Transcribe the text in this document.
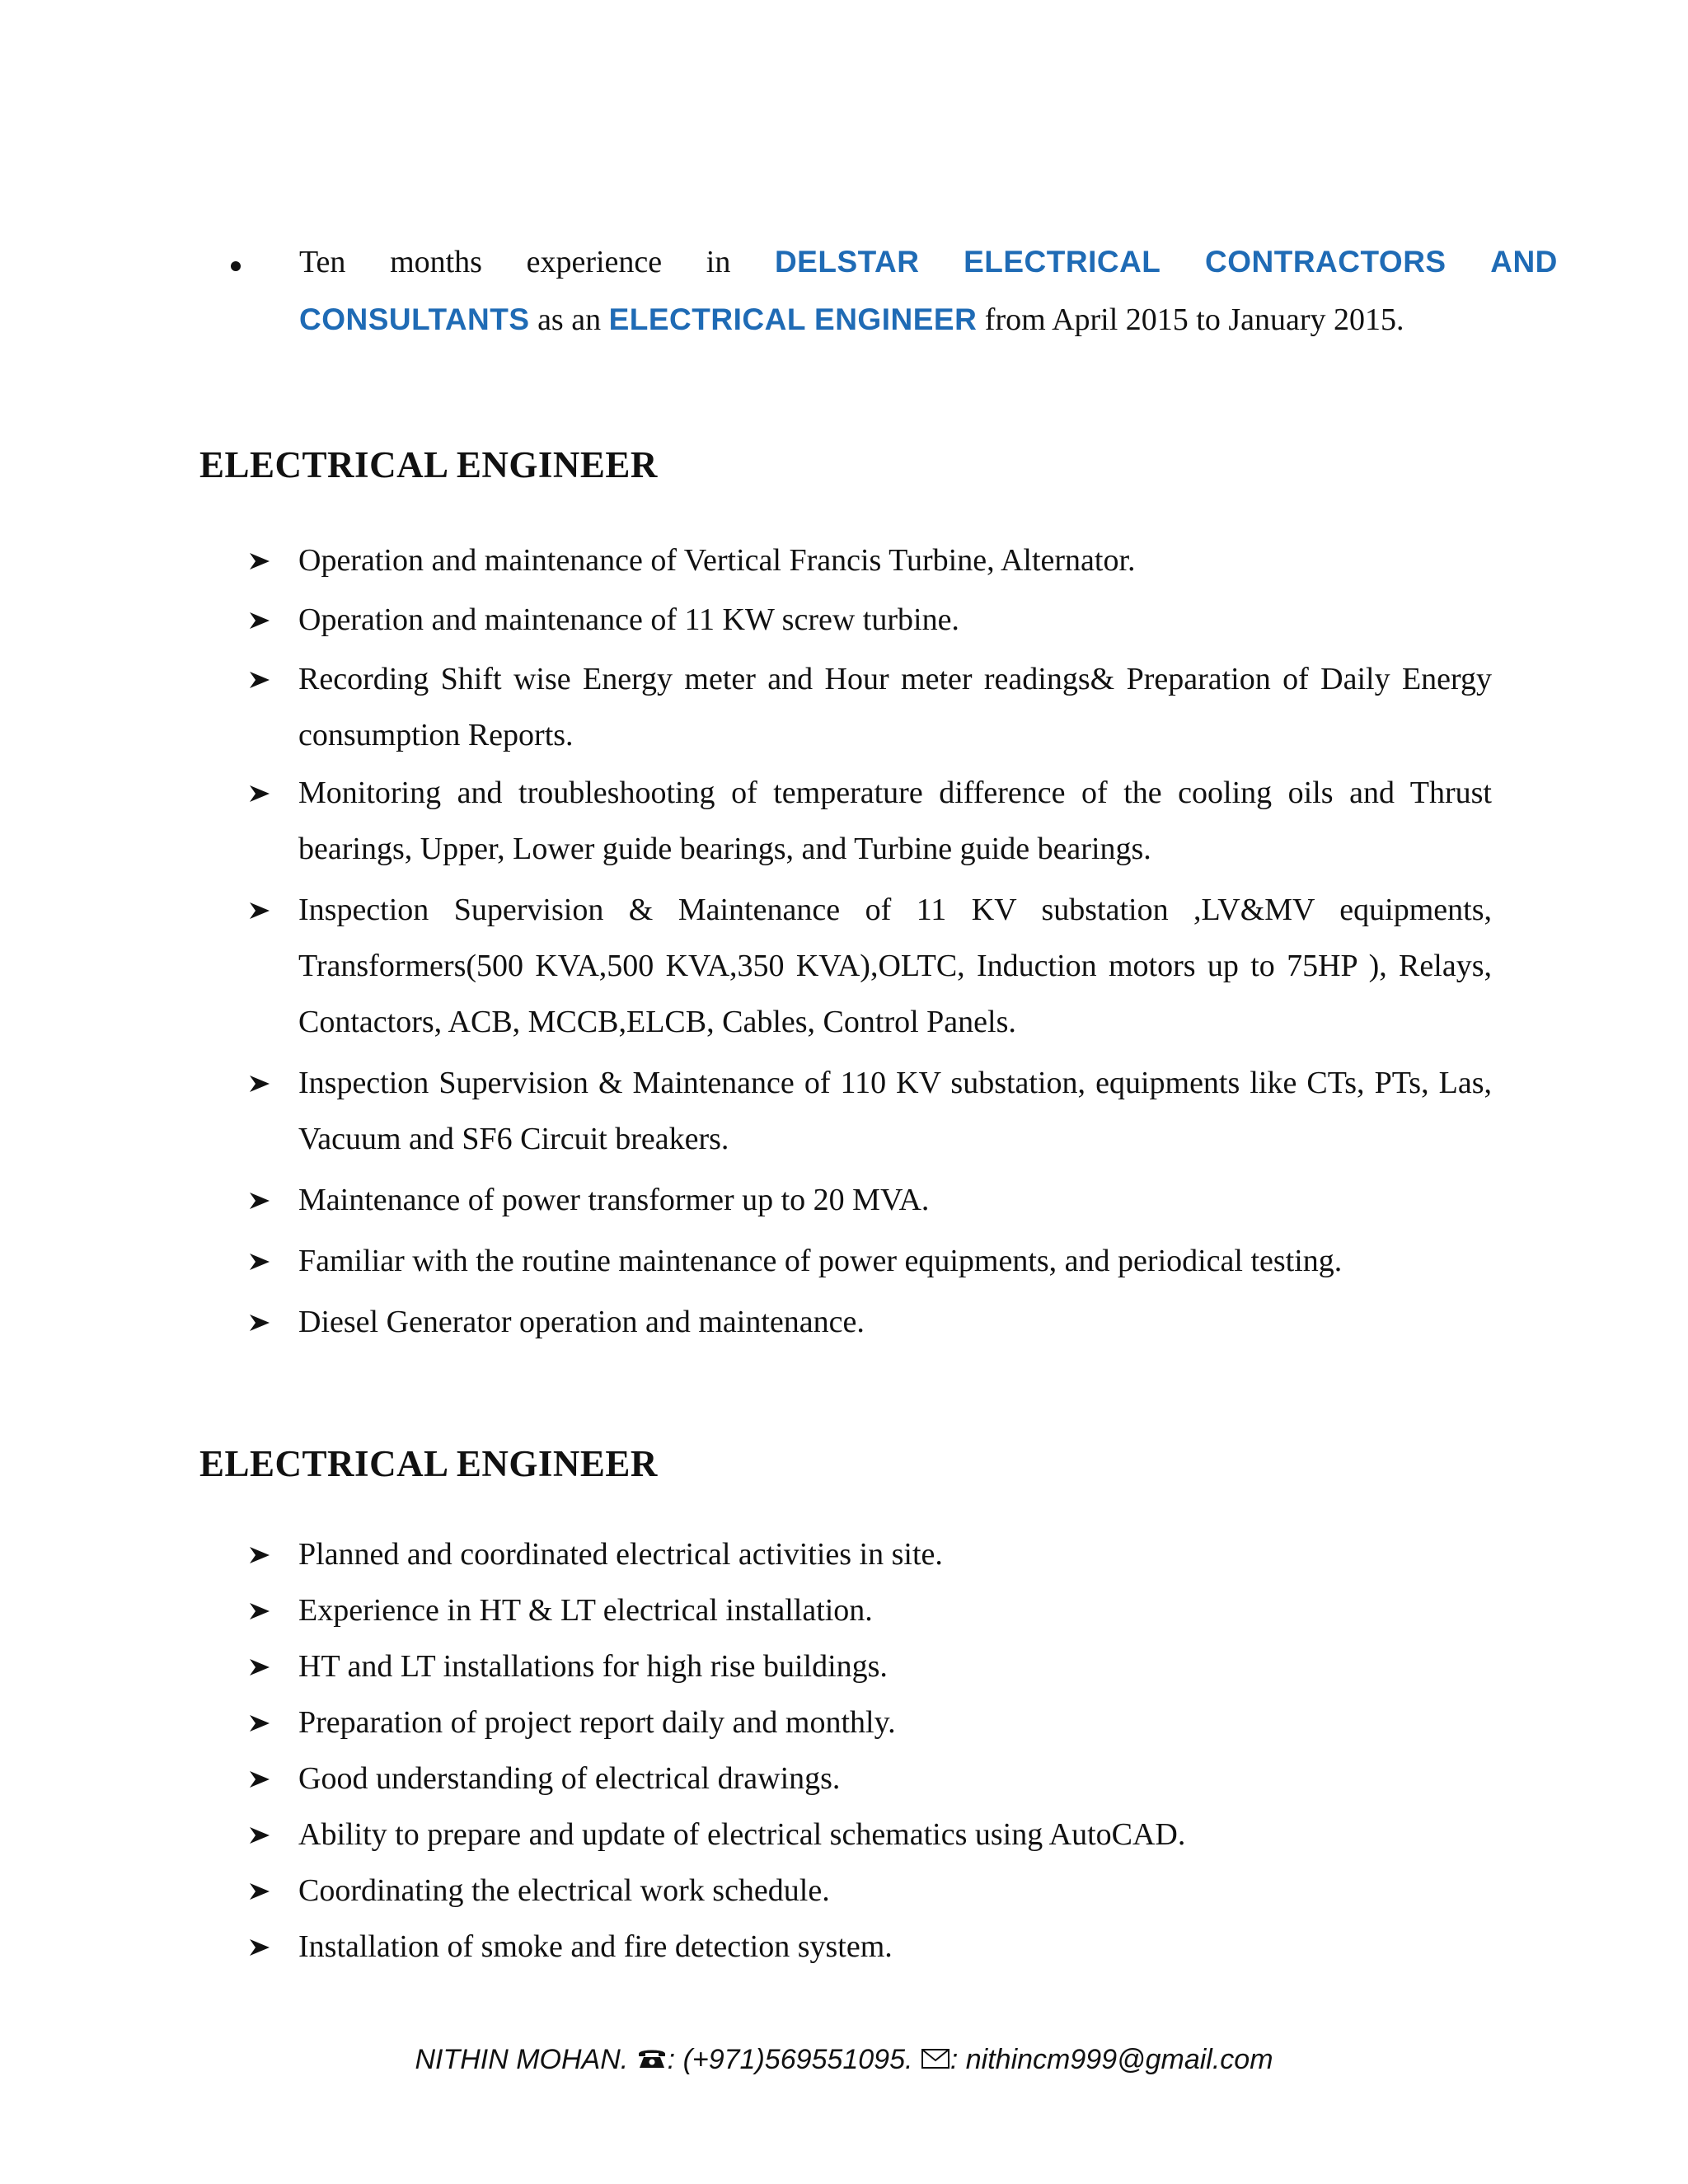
Ten months experience in DELSTAR ELECTRICAL CONTRACTORS AND
CONSULTANTS as an ELECTRICAL ENGINEER from April 2015 to January 2015.
ELECTRICAL ENGINEER
Operation and maintenance of Vertical Francis Turbine, Alternator.
Operation and maintenance of 11 KW screw turbine.
Recording Shift wise Energy meter and Hour meter readings& Preparation of Daily Energy consumption Reports.
Monitoring and troubleshooting of temperature difference of the cooling oils and Thrust bearings, Upper, Lower guide bearings, and Turbine guide bearings.
Inspection Supervision & Maintenance of 11 KV substation ,LV&MV equipments, Transformers(500 KVA,500 KVA,350 KVA),OLTC, Induction motors up to 75HP ), Relays, Contactors, ACB, MCCB,ELCB, Cables, Control Panels.
Inspection Supervision & Maintenance of 110 KV substation, equipments like CTs, PTs, Las, Vacuum and SF6 Circuit breakers.
Maintenance of power transformer up to 20 MVA.
Familiar with the routine maintenance of power equipments, and periodical testing.
Diesel Generator operation and maintenance.
ELECTRICAL ENGINEER
Planned and coordinated electrical activities in site.
Experience in HT & LT electrical installation.
HT and LT installations for high rise buildings.
Preparation of project report daily and monthly.
Good understanding of electrical drawings.
Ability to prepare and update of electrical schematics using AutoCAD.
Coordinating the electrical work schedule.
Installation of smoke and fire detection system.
NITHIN MOHAN. : (+971)569551095. : nithincm999@gmail.com
